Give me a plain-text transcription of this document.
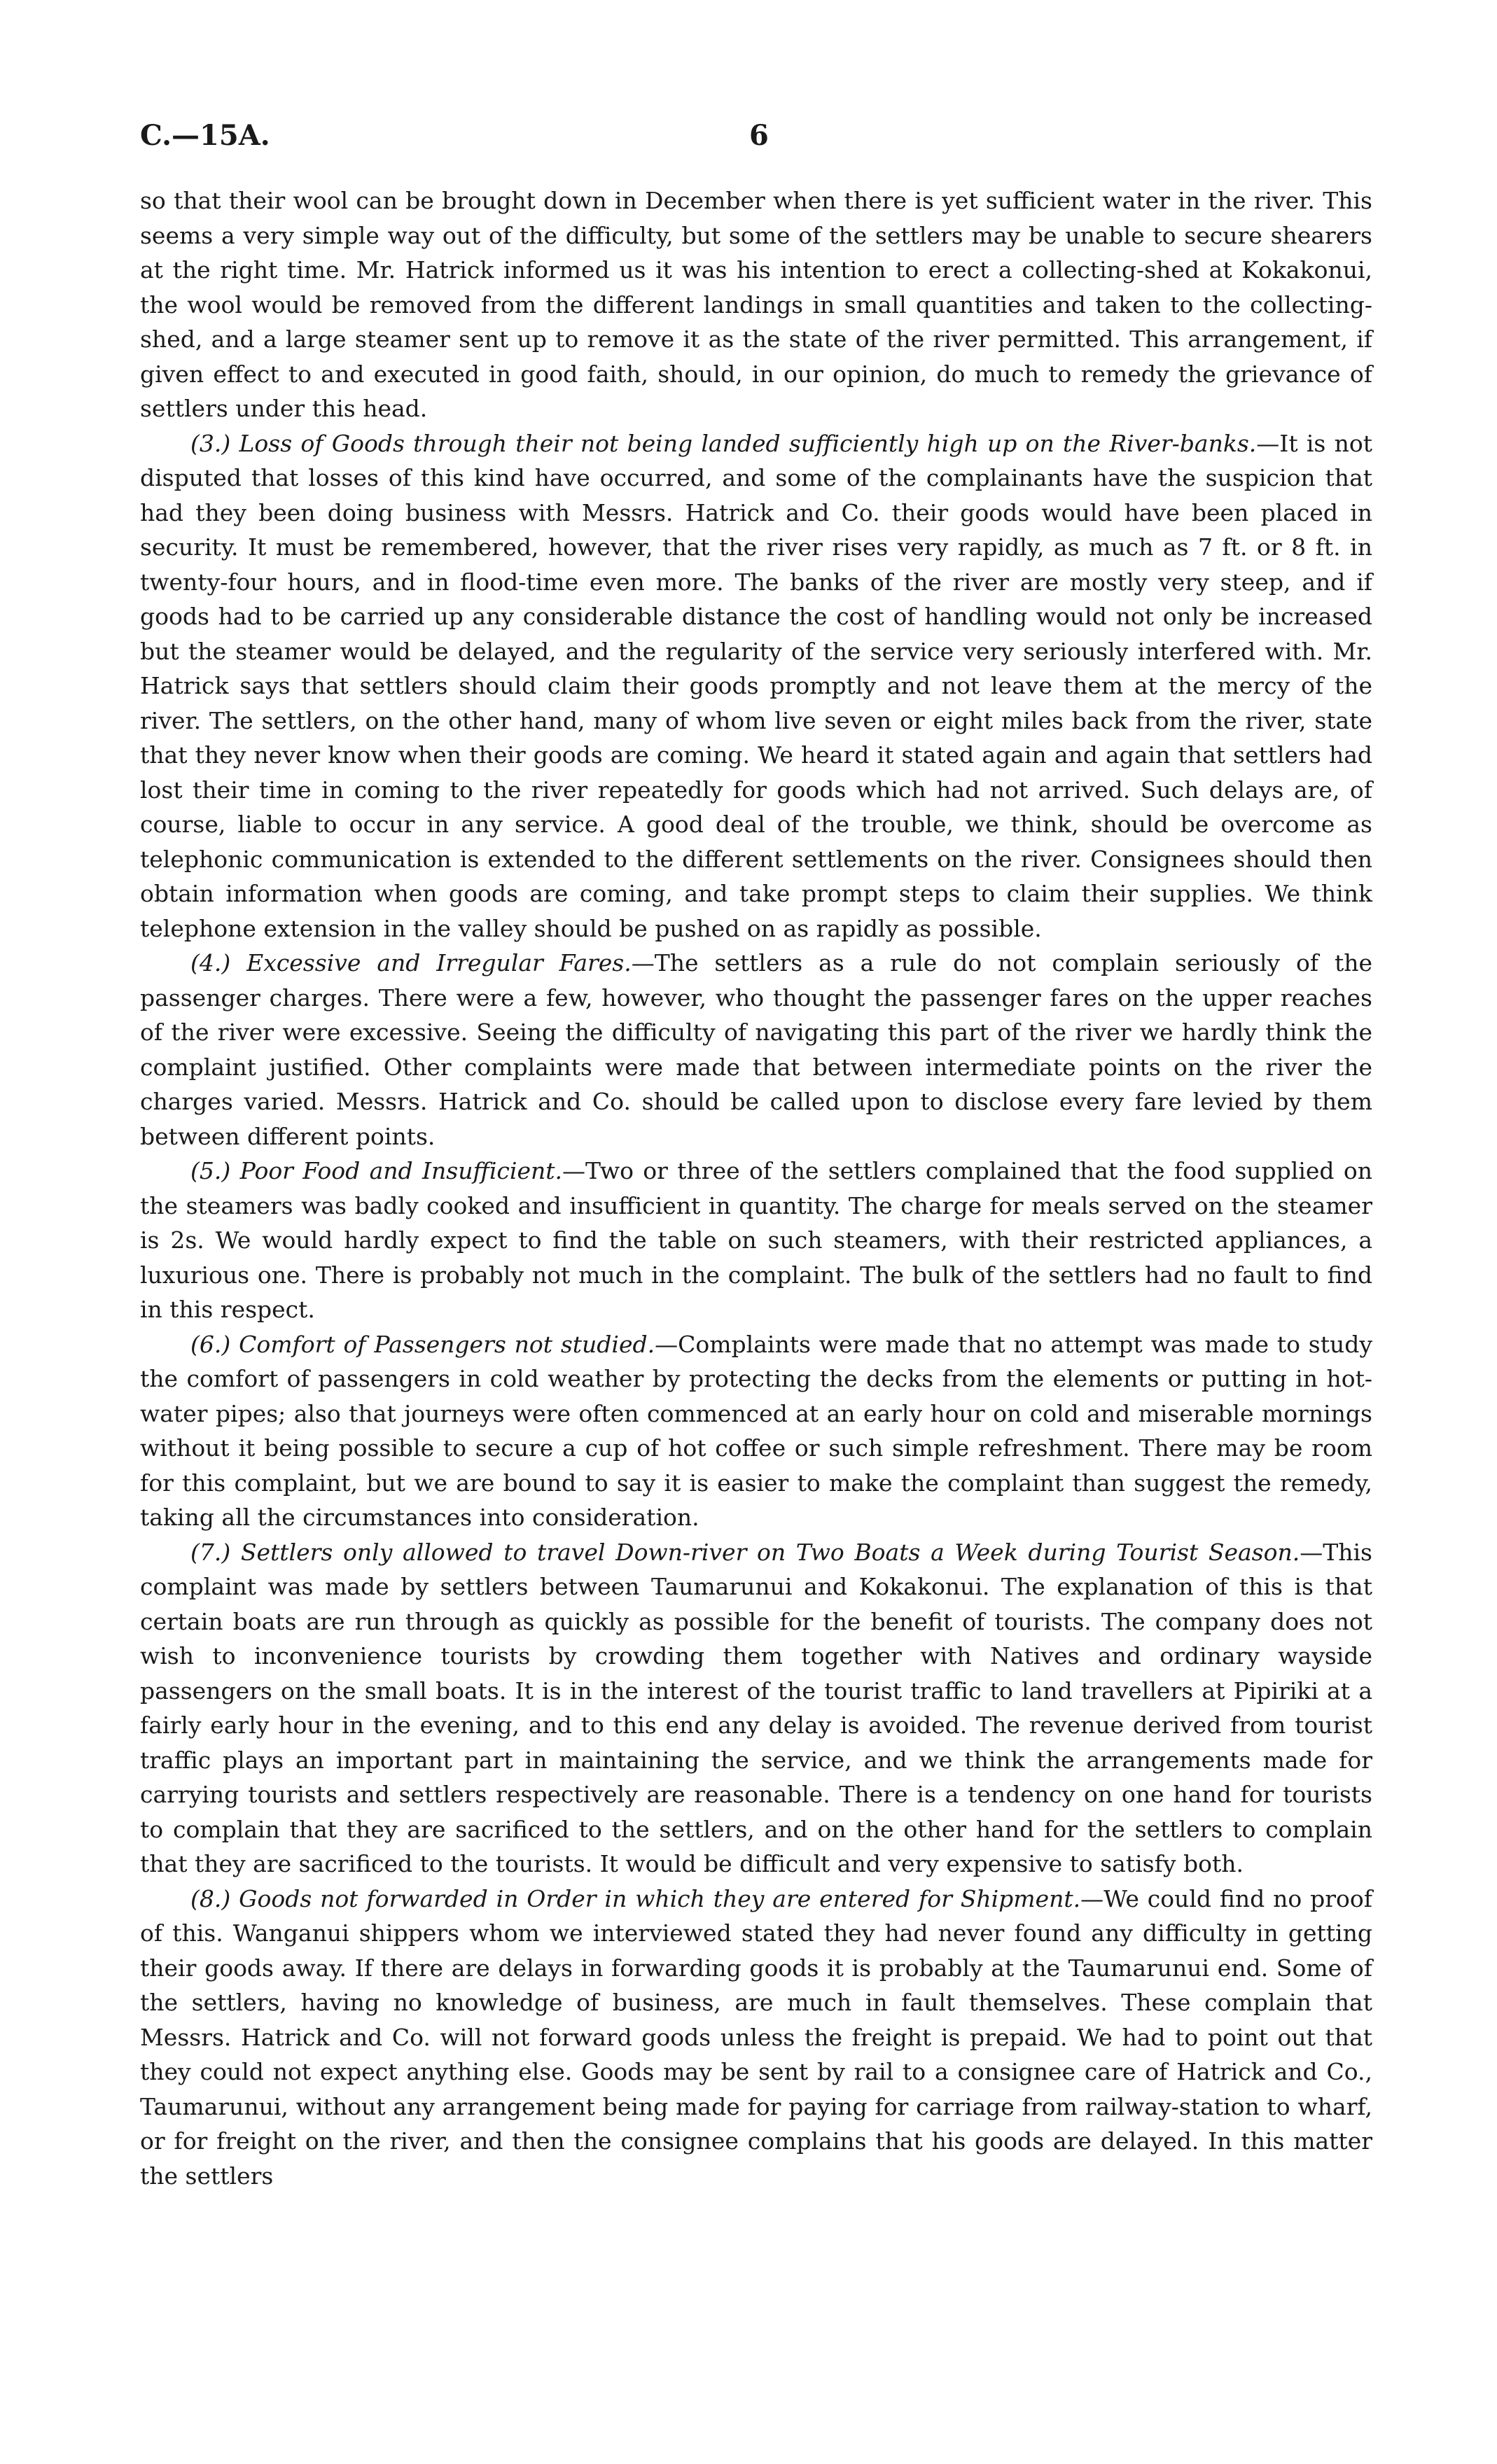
C.—15A.	6

so that their wool can be brought down in December when there is yet sufficient water in the river. This seems a very simple way out of the difficulty, but some of the settlers may be unable to secure shearers at the right time. Mr. Hatrick informed us it was his intention to erect a collecting-shed at Kokakonui, the wool would be removed from the different landings in small quantities and taken to the collecting-shed, and a large steamer sent up to remove it as the state of the river permitted. This arrangement, if given effect to and executed in good faith, should, in our opinion, do much to remedy the grievance of settlers under this head.

(3.) Loss of Goods through their not being landed sufficiently high up on the River-banks.—It is not disputed that losses of this kind have occurred, and some of the complainants have the suspicion that had they been doing business with Messrs. Hatrick and Co. their goods would have been placed in security. It must be remembered, however, that the river rises very rapidly, as much as 7 ft. or 8 ft. in twenty-four hours, and in flood-time even more. The banks of the river are mostly very steep, and if goods had to be carried up any considerable distance the cost of handling would not only be increased but the steamer would be delayed, and the regularity of the service very seriously interfered with. Mr. Hatrick says that settlers should claim their goods promptly and not leave them at the mercy of the river. The settlers, on the other hand, many of whom live seven or eight miles back from the river, state that they never know when their goods are coming. We heard it stated again and again that settlers had lost their time in coming to the river repeatedly for goods which had not arrived. Such delays are, of course, liable to occur in any service. A good deal of the trouble, we think, should be overcome as telephonic communication is extended to the different settlements on the river. Consignees should then obtain information when goods are coming, and take prompt steps to claim their supplies. We think telephone extension in the valley should be pushed on as rapidly as possible.

(4.) Excessive and Irregular Fares.—The settlers as a rule do not complain seriously of the passenger charges. There were a few, however, who thought the passenger fares on the upper reaches of the river were excessive. Seeing the difficulty of navigating this part of the river we hardly think the complaint justified. Other complaints were made that between intermediate points on the river the charges varied. Messrs. Hatrick and Co. should be called upon to disclose every fare levied by them between different points.

(5.) Poor Food and Insufficient.—Two or three of the settlers complained that the food supplied on the steamers was badly cooked and insufficient in quantity. The charge for meals served on the steamer is 2s. We would hardly expect to find the table on such steamers, with their restricted appliances, a luxurious one. There is probably not much in the complaint. The bulk of the settlers had no fault to find in this respect.

(6.) Comfort of Passengers not studied.—Complaints were made that no attempt was made to study the comfort of passengers in cold weather by protecting the decks from the elements or putting in hot-water pipes; also that journeys were often commenced at an early hour on cold and miserable mornings without it being possible to secure a cup of hot coffee or such simple refreshment. There may be room for this complaint, but we are bound to say it is easier to make the complaint than suggest the remedy, taking all the circumstances into consideration.

(7.) Settlers only allowed to travel Down-river on Two Boats a Week during Tourist Season.—This complaint was made by settlers between Taumarunui and Kokakonui. The explanation of this is that certain boats are run through as quickly as possible for the benefit of tourists. The company does not wish to inconvenience tourists by crowding them together with Natives and ordinary wayside passengers on the small boats. It is in the interest of the tourist traffic to land travellers at Pipiriki at a fairly early hour in the evening, and to this end any delay is avoided. The revenue derived from tourist traffic plays an important part in maintaining the service, and we think the arrangements made for carrying tourists and settlers respectively are reasonable. There is a tendency on one hand for tourists to complain that they are sacrificed to the settlers, and on the other hand for the settlers to complain that they are sacrificed to the tourists. It would be difficult and very expensive to satisfy both.

(8.) Goods not forwarded in Order in which they are entered for Shipment.—We could find no proof of this. Wanganui shippers whom we interviewed stated they had never found any difficulty in getting their goods away. If there are delays in forwarding goods it is probably at the Taumarunui end. Some of the settlers, having no knowledge of business, are much in fault themselves. These complain that Messrs. Hatrick and Co. will not forward goods unless the freight is prepaid. We had to point out that they could not expect anything else. Goods may be sent by rail to a consignee care of Hatrick and Co., Taumarunui, without any arrangement being made for paying for carriage from railway-station to wharf, or for freight on the river, and then the consignee complains that his goods are delayed. In this matter the settlers
